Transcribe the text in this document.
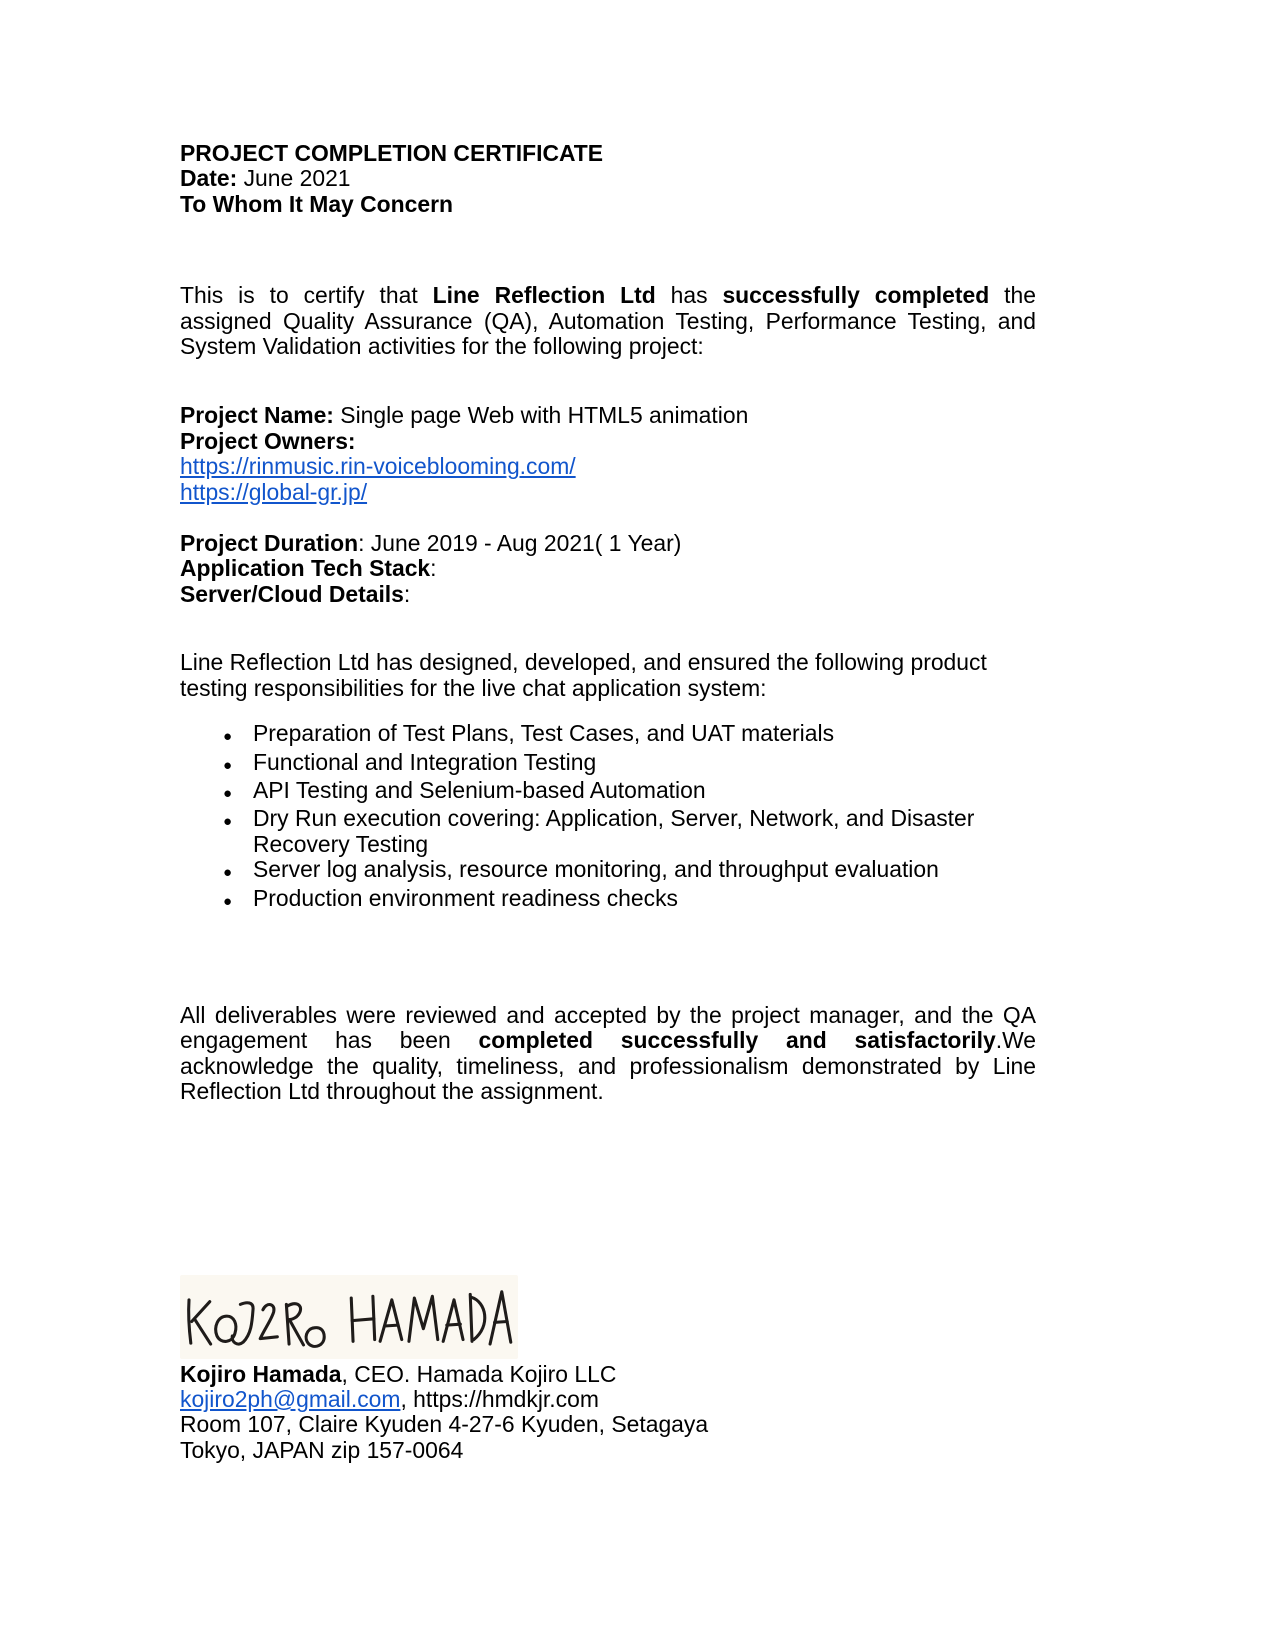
PROJECT COMPLETION CERTIFICATE
Date: June 2021
To Whom It May Concern

This is to certify that Line Reflection Ltd has successfully completed the assigned Quality Assurance (QA), Automation Testing, Performance Testing, and System Validation activities for the following project:

Project Name: Single page Web with HTML5 animation
Project Owners:
https://rinmusic.rin-voiceblooming.com/
https://global-gr.jp/
Project Duration: June 2019 - Aug 2021( 1 Year)
Application Tech Stack:
Server/Cloud Details:

Line Reflection Ltd has designed, developed, and ensured the following product testing responsibilities for the live chat application system:

● Preparation of Test Plans, Test Cases, and UAT materials
● Functional and Integration Testing
● API Testing and Selenium-based Automation
● Dry Run execution covering: Application, Server, Network, and Disaster Recovery Testing
● Server log analysis, resource monitoring, and throughput evaluation
● Production environment readiness checks

All deliverables were reviewed and accepted by the project manager, and the QA engagement has been completed successfully and satisfactorily.We acknowledge the quality, timeliness, and professionalism demonstrated by Line Reflection Ltd throughout the assignment.

Kojiro Hamada, CEO. Hamada Kojiro LLC
kojiro2ph@gmail.com, https://hmdkjr.com
Room 107, Claire Kyuden 4-27-6 Kyuden, Setagaya
Tokyo, JAPAN zip 157-0064
